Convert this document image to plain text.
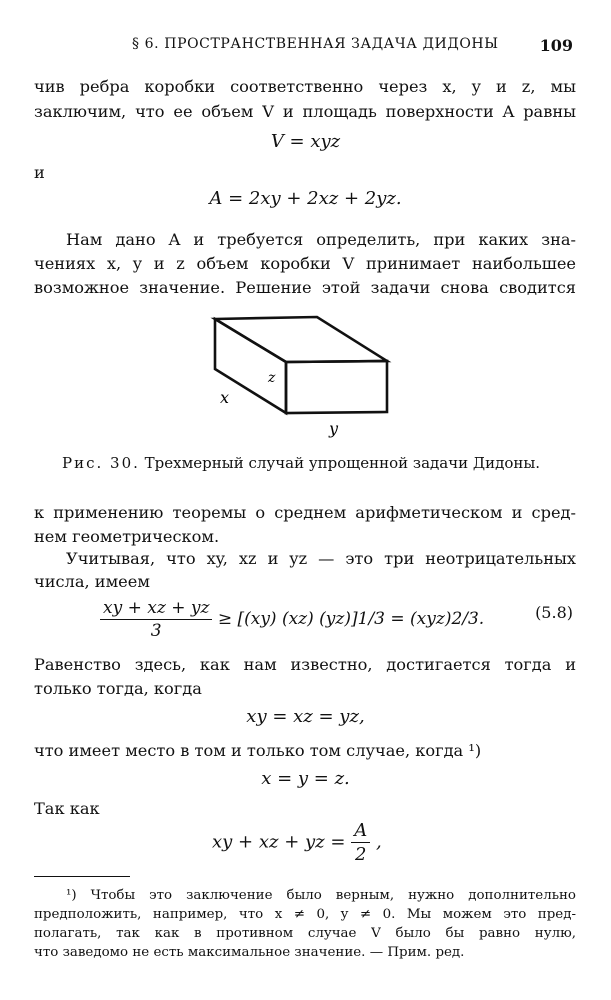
§ 6. ПРОСТРАНСТВЕННАЯ ЗАДАЧА ДИДОНЫ	109

чив ребра коробки соответственно через x, y и z, мы

заключим, что ее объем V и площадь поверхности A равны

V = xyz

и

A = 2xy + 2xz + 2yz.

Нам дано A и требуется определить, при каких зна-

чениях x, y и z объем коробки V принимает наибольшее

возможное значение. Решение этой задачи снова сводится

z
x
y
Рис. 30. Трехмерный случай упрощенной задачи Дидоны.

к применению теоремы о среднем арифметическом и сред-

нем геометрическом.

Учитывая, что xy, xz и yz — это три неотрицательных

числа, имеем

$\frac{xy + xz + yz}{3} \ge [(xy)$ (xz) (yz)]1/3 = (xyz)2/3.	(5.8)

Равенство здесь, как нам известно, достигается тогда и

только тогда, когда

xy = xz = yz,

что имеет место в том и только том случае, когда ¹)

x = y = z.

Так как

xy + xz + yz = $\frac{A}{2}$ ,

¹) Чтобы это заключение было верным, нужно дополнительно

предположить, например, что x ≠ 0, y ≠ 0. Мы можем это пред-

полагать, так как в противном случае V было бы равно нулю,

что заведомо не есть максимальное значение. — Прим. ред.
